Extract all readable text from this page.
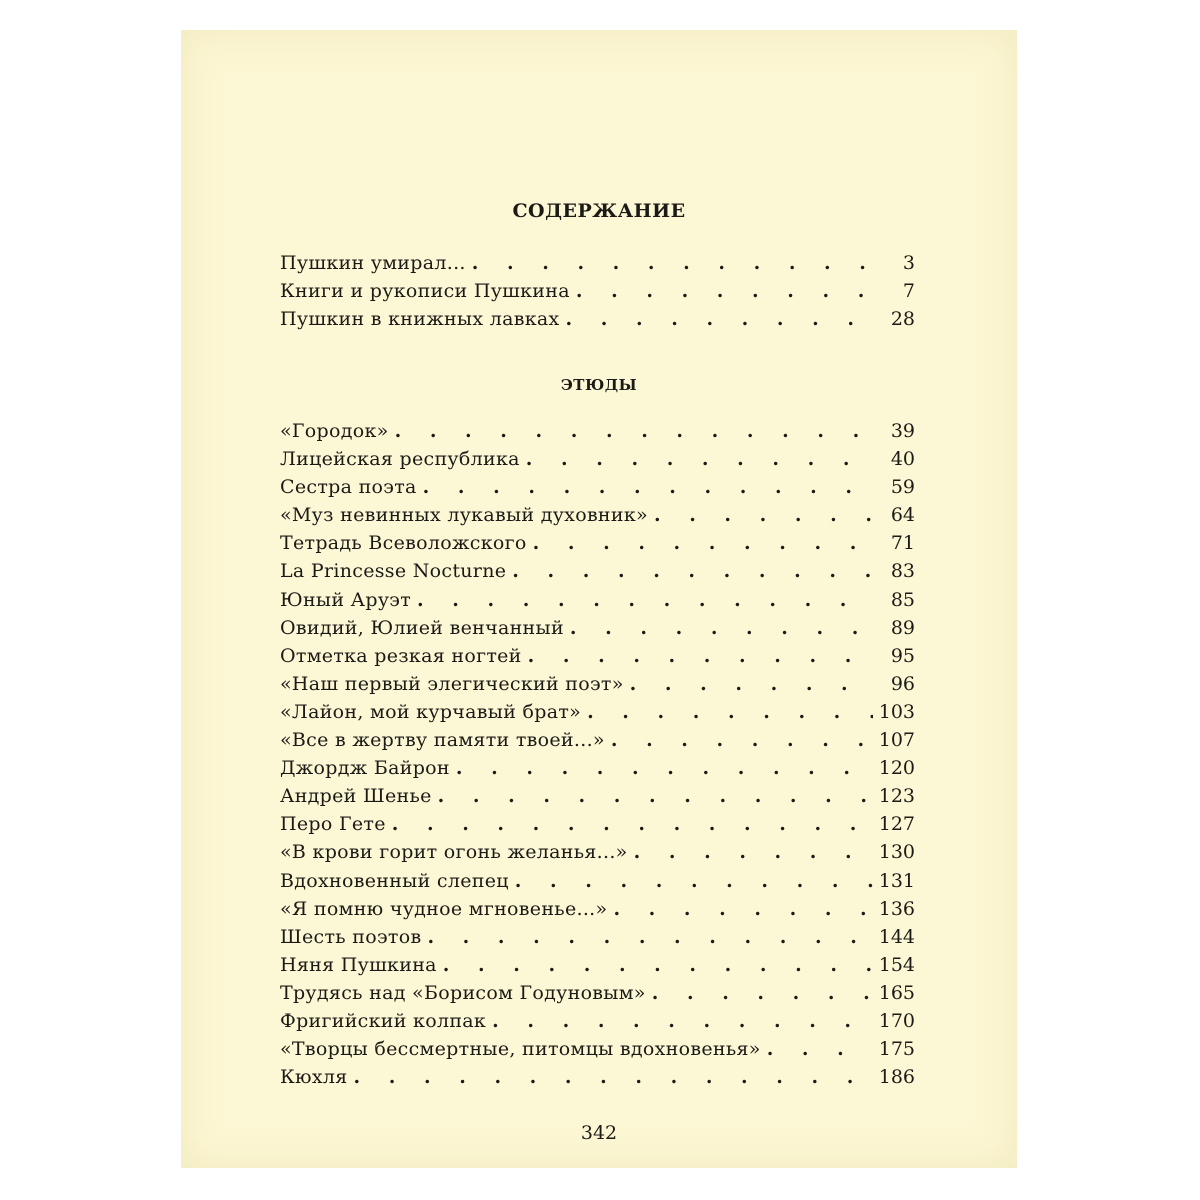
СОДЕРЖАНИЕ
Пушкин умирал... . . .	3
Книги и рукописи Пушкина . . .	7
Пушкин в книжных лавках . . .	28
ЭТЮДЫ
«Городок» . . .	39
Лицейская республика . . .	40
Сестра поэта . . .	59
«Муз невинных лукавый духовник» . . .	64
Тетрадь Всеволожского . . .	71
La Princesse Nocturne . . .	83
Юный Аруэт . . .	85
Овидий, Юлией венчанный . . .	89
Отметка резкая ногтей . . .	95
«Наш первый элегический поэт» . . .	96
«Лайон, мой курчавый брат» . . .	103
«Все в жертву памяти твоей...» . . .	107
Джордж Байрон . . .	120
Андрей Шенье . . .	123
Перо Гете . . .	127
«В крови горит огонь желанья...» . . .	130
Вдохновенный слепец . . .	131
«Я помню чудное мгновенье...» . . .	136
Шесть поэтов . . .	144
Няня Пушкина . . .	154
Трудясь над «Борисом Годуновым» . . .	165
Фригийский колпак . . .	170
«Творцы бессмертные, питомцы вдохновенья» . . .	175
Кюхля . . .	186
342
